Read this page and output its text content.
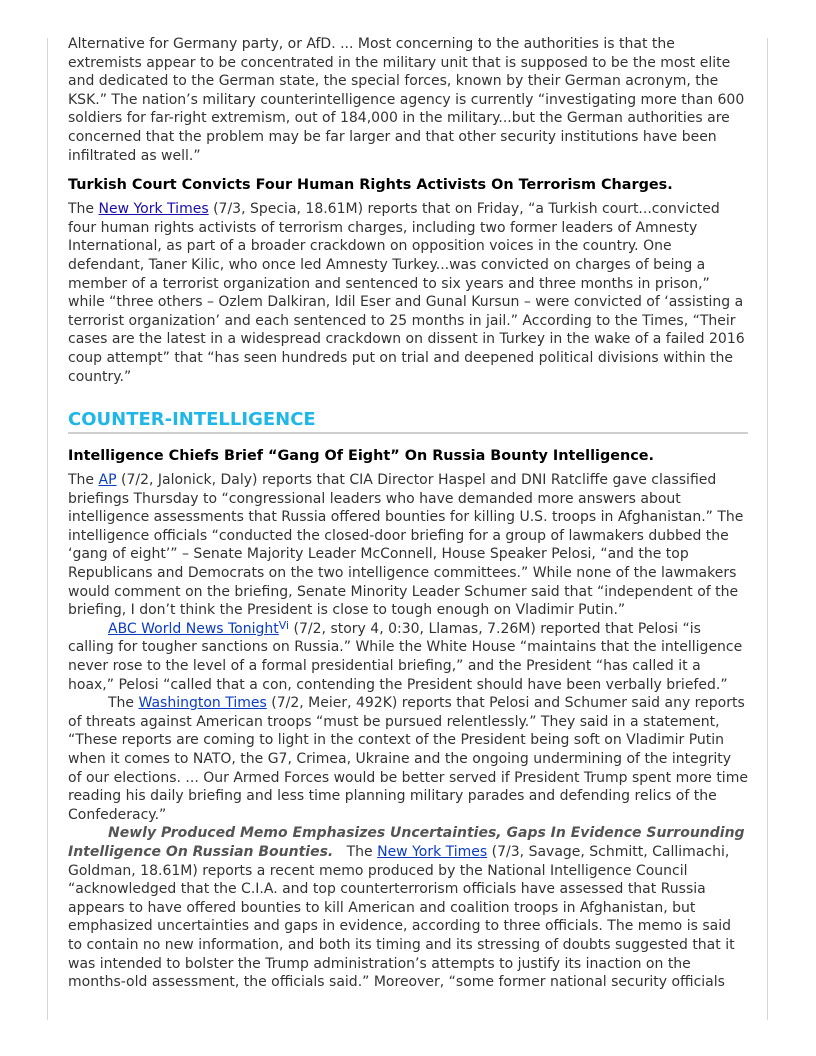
Alternative for Germany party, or AfD. ... Most concerning to the authorities is that the extremists appear to be concentrated in the military unit that is supposed to be the most elite and dedicated to the German state, the special forces, known by their German acronym, the KSK.” The nation’s military counterintelligence agency is currently “investigating more than 600 soldiers for far-right extremism, out of 184,000 in the military...but the German authorities are concerned that the problem may be far larger and that other security institutions have been infiltrated as well.”

Turkish Court Convicts Four Human Rights Activists On Terrorism Charges.

The New York Times (7/3, Specia, 18.61M) reports that on Friday, “a Turkish court...convicted four human rights activists of terrorism charges, including two former leaders of Amnesty International, as part of a broader crackdown on opposition voices in the country. One defendant, Taner Kilic, who once led Amnesty Turkey...was convicted on charges of being a member of a terrorist organization and sentenced to six years and three months in prison,” while “three others – Ozlem Dalkiran, Idil Eser and Gunal Kursun – were convicted of ‘assisting a terrorist organization’ and each sentenced to 25 months in jail.” According to the Times, “Their cases are the latest in a widespread crackdown on dissent in Turkey in the wake of a failed 2016 coup attempt” that “has seen hundreds put on trial and deepened political divisions within the country.”

COUNTER-INTELLIGENCE
Intelligence Chiefs Brief “Gang Of Eight” On Russia Bounty Intelligence.

The AP (7/2, Jalonick, Daly) reports that CIA Director Haspel and DNI Ratcliffe gave classified briefings Thursday to “congressional leaders who have demanded more answers about intelligence assessments that Russia offered bounties for killing U.S. troops in Afghanistan.” The intelligence officials “conducted the closed-door briefing for a group of lawmakers dubbed the ‘gang of eight’” – Senate Majority Leader McConnell, House Speaker Pelosi, “and the top Republicans and Democrats on the two intelligence committees.” While none of the lawmakers would comment on the briefing, Senate Minority Leader Schumer said that “independent of the briefing, I don’t think the President is close to tough enough on Vladimir Putin.”

ABC World News Tonight$^{Vi}$ (7/2, story 4, 0:30, Llamas, 7.26M) reported that Pelosi “is calling for tougher sanctions on Russia.” While the White House “maintains that the intelligence never rose to the level of a formal presidential briefing,” and the President “has called it a hoax,” Pelosi “called that a con, contending the President should have been verbally briefed.”

The Washington Times (7/2, Meier, 492K) reports that Pelosi and Schumer said any reports of threats against American troops “must be pursued relentlessly.” They said in a statement, “These reports are coming to light in the context of the President being soft on Vladimir Putin when it comes to NATO, the G7, Crimea, Ukraine and the ongoing undermining of the integrity of our elections. ... Our Armed Forces would be better served if President Trump spent more time reading his daily briefing and less time planning military parades and defending relics of the Confederacy.”

Newly Produced Memo Emphasizes Uncertainties, Gaps In Evidence Surrounding Intelligence On Russian Bounties.   The New York Times (7/3, Savage, Schmitt, Callimachi, Goldman, 18.61M) reports a recent memo produced by the National Intelligence Council “acknowledged that the C.I.A. and top counterterrorism officials have assessed that Russia appears to have offered bounties to kill American and coalition troops in Afghanistan, but emphasized uncertainties and gaps in evidence, according to three officials. The memo is said to contain no new information, and both its timing and its stressing of doubts suggested that it was intended to bolster the Trump administration’s attempts to justify its inaction on the months-old assessment, the officials said.” Moreover, “some former national security officials
